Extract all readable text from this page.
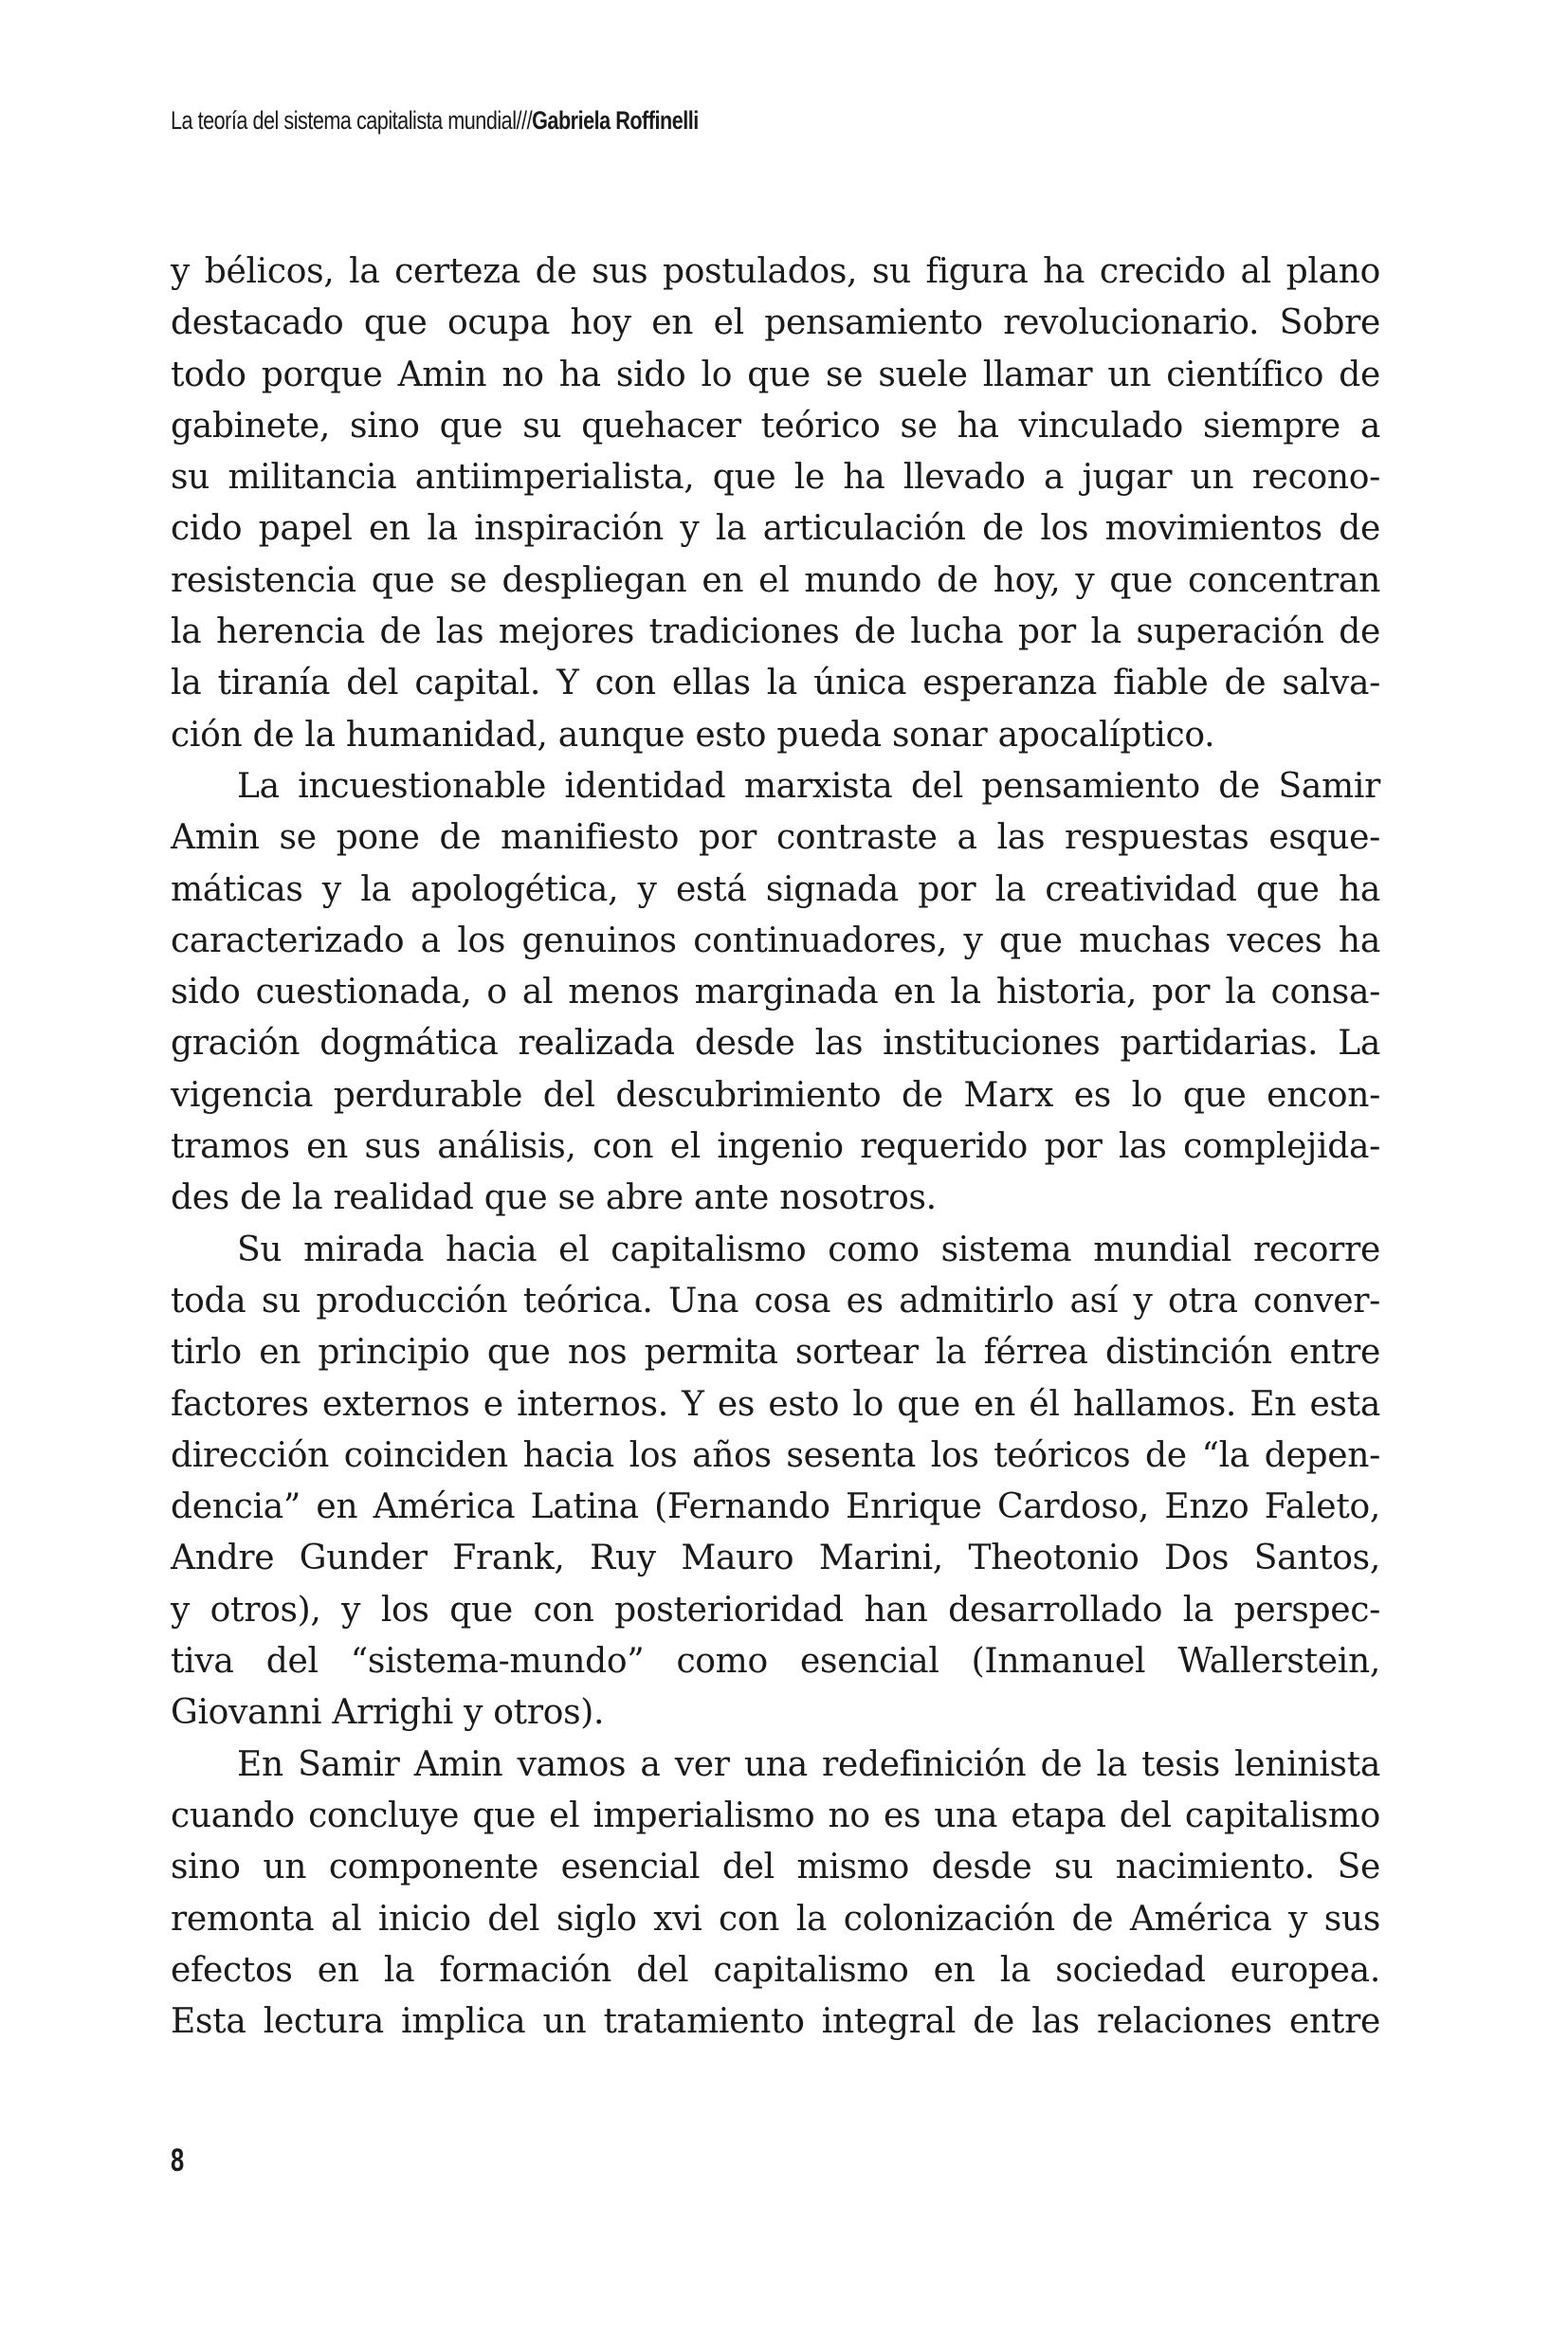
La teoría del sistema capitalista mundial///Gabriela Roffinelli
y bélicos, la certeza de sus postulados, su figura ha crecido al plano
destacado que ocupa hoy en el pensamiento revolucionario. Sobre
todo porque Amin no ha sido lo que se suele llamar un científico de
gabinete, sino que su quehacer teórico se ha vinculado siempre a
su militancia antiimperialista, que le ha llevado a jugar un recono-
cido papel en la inspiración y la articulación de los movimientos de
resistencia que se despliegan en el mundo de hoy, y que concentran
la herencia de las mejores tradiciones de lucha por la superación de
la tiranía del capital. Y con ellas la única esperanza fiable de salva-
ción de la humanidad, aunque esto pueda sonar apocalíptico.
La incuestionable identidad marxista del pensamiento de Samir
Amin se pone de manifiesto por contraste a las respuestas esque-
máticas y la apologética, y está signada por la creatividad que ha
caracterizado a los genuinos continuadores, y que muchas veces ha
sido cuestionada, o al menos marginada en la historia, por la consa-
gración dogmática realizada desde las instituciones partidarias. La
vigencia perdurable del descubrimiento de Marx es lo que encon-
tramos en sus análisis, con el ingenio requerido por las complejida-
des de la realidad que se abre ante nosotros.
Su mirada hacia el capitalismo como sistema mundial recorre
toda su producción teórica. Una cosa es admitirlo así y otra conver-
tirlo en principio que nos permita sortear la férrea distinción entre
factores externos e internos. Y es esto lo que en él hallamos. En esta
dirección coinciden hacia los años sesenta los teóricos de “la depen-
dencia” en América Latina (Fernando Enrique Cardoso, Enzo Faleto,
Andre Gunder Frank, Ruy Mauro Marini, Theotonio Dos Santos,
y otros), y los que con posterioridad han desarrollado la perspec-
tiva del “sistema-mundo” como esencial (Inmanuel Wallerstein,
Giovanni Arrighi y otros).
En Samir Amin vamos a ver una redefinición de la tesis leninista
cuando concluye que el imperialismo no es una etapa del capitalismo
sino un componente esencial del mismo desde su nacimiento. Se
remonta al inicio del siglo xvi con la colonización de América y sus
efectos en la formación del capitalismo en la sociedad europea.
Esta lectura implica un tratamiento integral de las relaciones entre
8
